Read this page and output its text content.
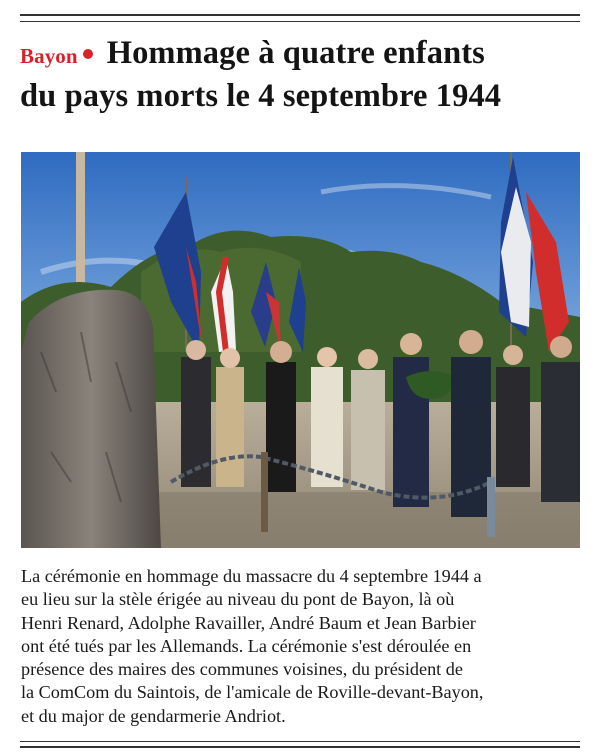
Bayon Hommage à quatre enfants
du pays morts le 4 septembre 1944
La cérémonie en hommage du massacre du 4 septembre 1944 a
eu lieu sur la stèle érigée au niveau du pont de Bayon, là où
Henri Renard, Adolphe Ravailler, André Baum et Jean Barbier
ont été tués par les Allemands. La cérémonie s'est déroulée en
présence des maires des communes voisines, du président de
la ComCom du Saintois, de l'amicale de Roville-devant-Bayon,
et du major de gendarmerie Andriot.
